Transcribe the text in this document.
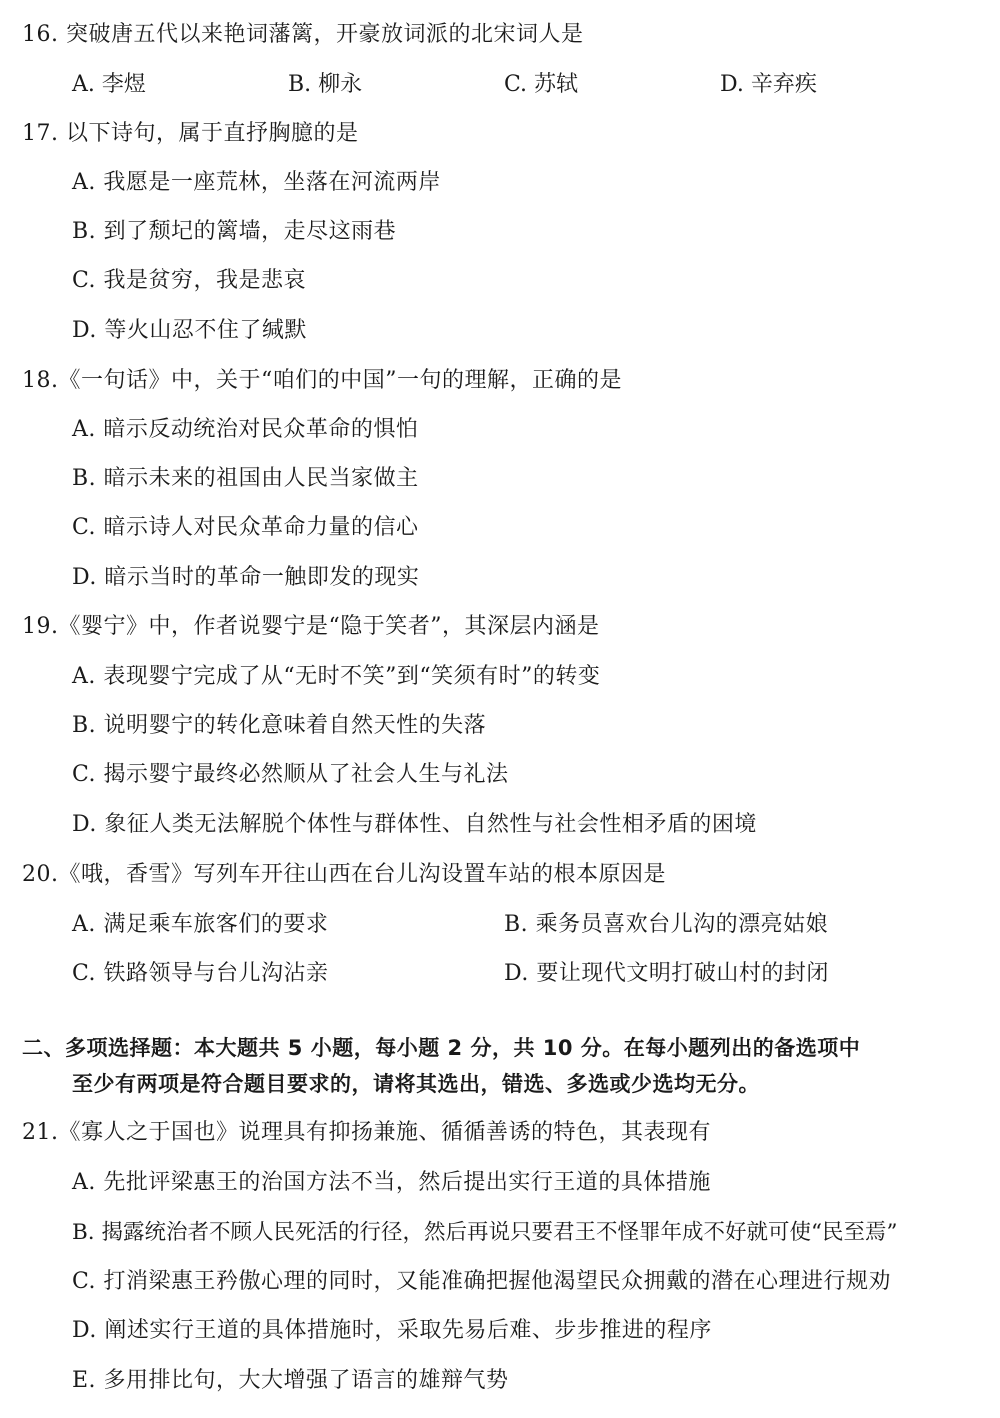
16. 突破唐五代以来艳词藩篱，开豪放词派的北宋词人是
A. 李煜	B. 柳永	C. 苏轼	D. 辛弃疾
17. 以下诗句，属于直抒胸臆的是
A. 我愿是一座荒林，坐落在河流两岸
B. 到了颓圮的篱墙，走尽这雨巷
C. 我是贫穷，我是悲哀
D. 等火山忍不住了缄默
18.《一句话》中，关于“咱们的中国”一句的理解，正确的是
A. 暗示反动统治对民众革命的惧怕
B. 暗示未来的祖国由人民当家做主
C. 暗示诗人对民众革命力量的信心
D. 暗示当时的革命一触即发的现实
19.《婴宁》中，作者说婴宁是“隐于笑者”，其深层内涵是
A. 表现婴宁完成了从“无时不笑”到“笑须有时”的转变
B. 说明婴宁的转化意味着自然天性的失落
C. 揭示婴宁最终必然顺从了社会人生与礼法
D. 象征人类无法解脱个体性与群体性、自然性与社会性相矛盾的困境
20.《哦，香雪》写列车开往山西在台儿沟设置车站的根本原因是
A. 满足乘车旅客们的要求	B. 乘务员喜欢台儿沟的漂亮姑娘
C. 铁路领导与台儿沟沾亲	D. 要让现代文明打破山村的封闭
二、多项选择题：本大题共 5 小题，每小题 2 分，共 10 分。在每小题列出的备选项中
至少有两项是符合题目要求的，请将其选出，错选、多选或少选均无分。
21.《寡人之于国也》说理具有抑扬兼施、循循善诱的特色，其表现有
A. 先批评梁惠王的治国方法不当，然后提出实行王道的具体措施
B. 揭露统治者不顾人民死活的行径，然后再说只要君王不怪罪年成不好就可使“民至焉”
C. 打消梁惠王矜傲心理的同时，又能准确把握他渴望民众拥戴的潜在心理进行规劝
D. 阐述实行王道的具体措施时，采取先易后难、步步推进的程序
E. 多用排比句，大大增强了语言的雄辩气势
